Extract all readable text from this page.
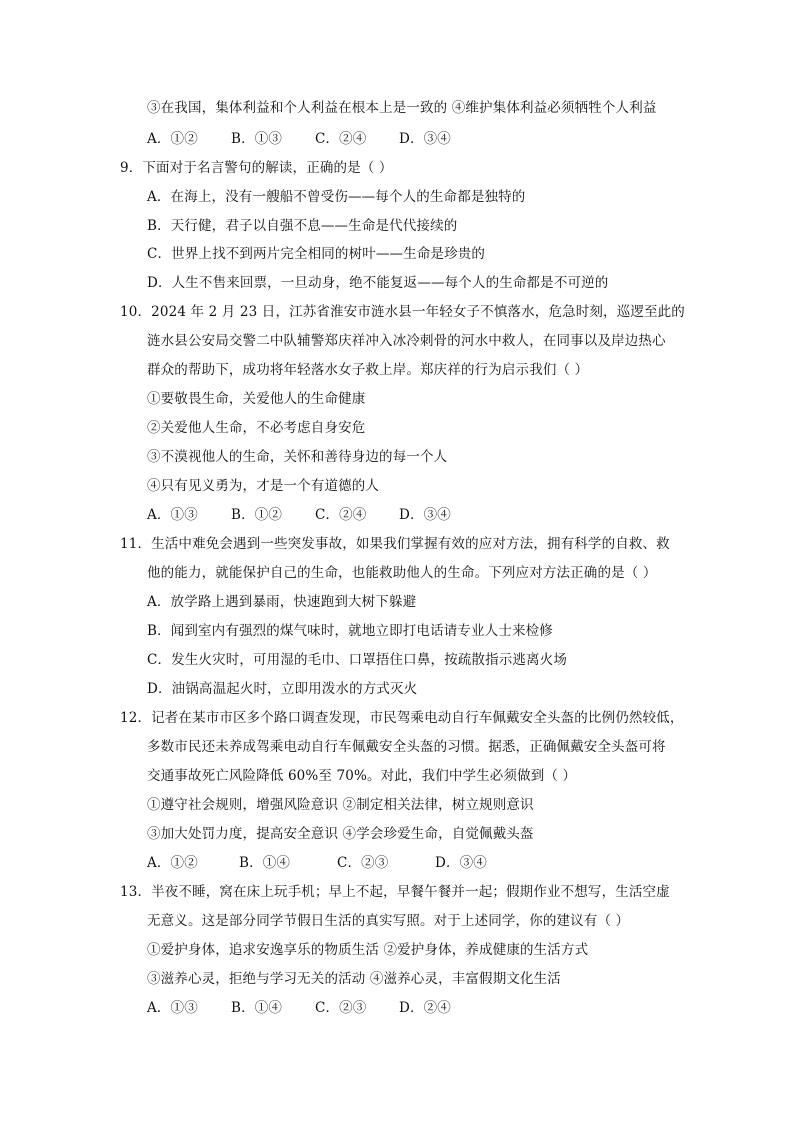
③在我国，集体利益和个人利益在根本上是一致的 ④维护集体利益必须牺牲个人利益
A．①② B．①③ C．②④ D．③④
9．下面对于名言警句的解读，正确的是（ ）
A．在海上，没有一艘船不曾受伤——每个人的生命都是独特的
B．天行健，君子以自强不息——生命是代代接续的
C．世界上找不到两片完全相同的树叶——生命是珍贵的
D．人生不售来回票，一旦动身，绝不能复返——每个人的生命都是不可逆的
10．2024 年 2 月 23 日，江苏省淮安市涟水县一年轻女子不慎落水，危急时刻，巡逻至此的
涟水县公安局交警二中队辅警郑庆祥冲入冰冷刺骨的河水中救人，在同事以及岸边热心
群众的帮助下，成功将年轻落水女子救上岸。郑庆祥的行为启示我们（ ）
①要敬畏生命，关爱他人的生命健康
②关爱他人生命，不必考虑自身安危
③不漠视他人的生命，关怀和善待身边的每一个人
④只有见义勇为，才是一个有道德的人
A．①③ B．①② C．②④ D．③④
11．生活中难免会遇到一些突发事故，如果我们掌握有效的应对方法，拥有科学的自救、救
他的能力，就能保护自己的生命，也能救助他人的生命。下列应对方法正确的是（ ）
A．放学路上遇到暴雨，快速跑到大树下躲避
B．闻到室内有强烈的煤气味时，就地立即打电话请专业人士来检修
C．发生火灾时，可用湿的毛巾、口罩捂住口鼻，按疏散指示逃离火场
D．油锅高温起火时，立即用泼水的方式灭火
12．记者在某市市区多个路口调查发现，市民驾乘电动自行车佩戴安全头盔的比例仍然较低，
多数市民还未养成驾乘电动自行车佩戴安全头盔的习惯。据悉，正确佩戴安全头盔可将
交通事故死亡风险降低 60%至 70%。对此，我们中学生必须做到（ ）
①遵守社会规则，增强风险意识 ②制定相关法律，树立规则意识
③加大处罚力度，提高安全意识 ④学会珍爱生命，自觉佩戴头盔
A．①②	B．①④	C．②③	D．③④
13．半夜不睡，窝在床上玩手机；早上不起，早餐午餐并一起；假期作业不想写，生活空虚
无意义。这是部分同学节假日生活的真实写照。对于上述同学，你的建议有（ ）
①爱护身体，追求安逸享乐的物质生活 ②爱护身体，养成健康的生活方式
③滋养心灵，拒绝与学习无关的活动 ④滋养心灵，丰富假期文化生活
A．①③ B．①④ C．②③ D．②④
